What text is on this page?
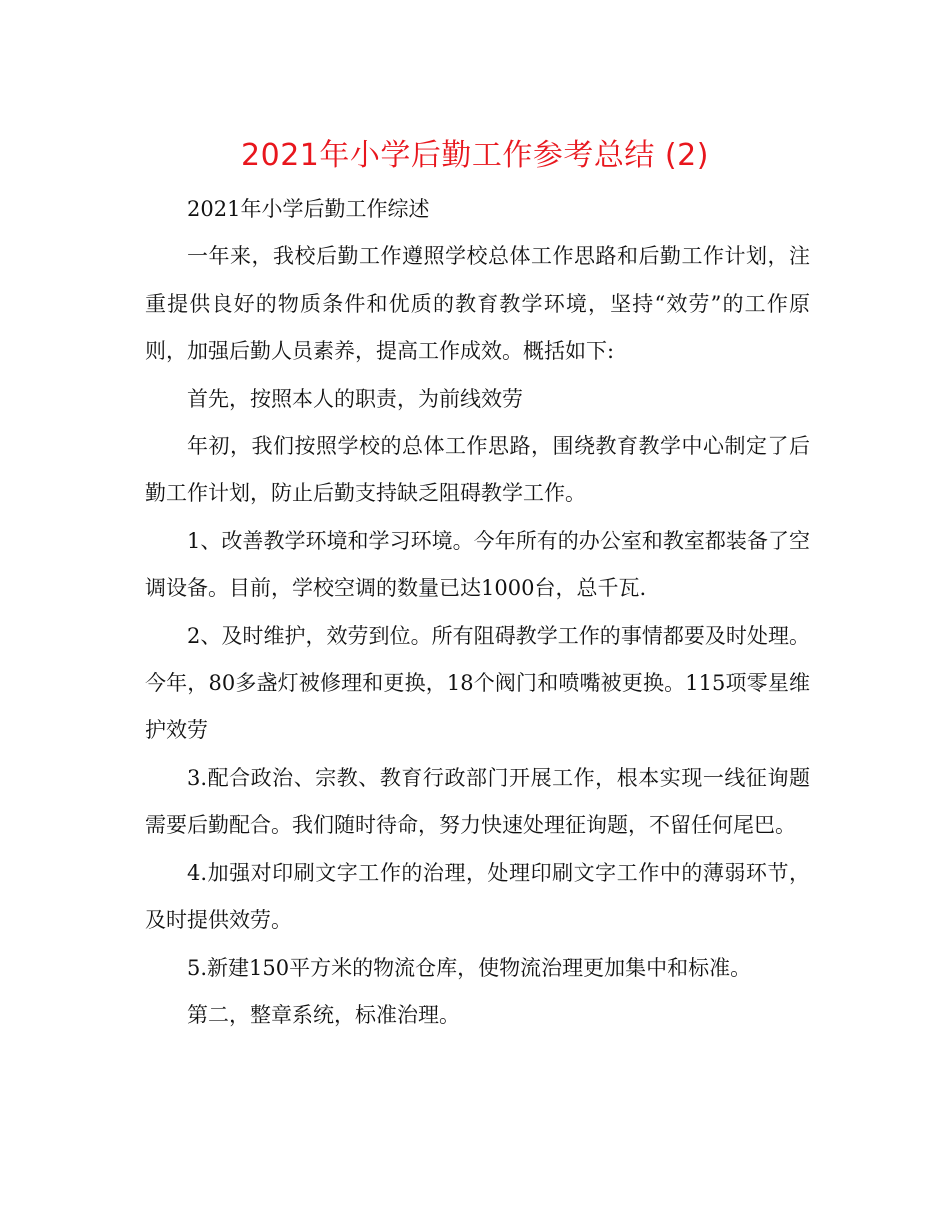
2021年小学后勤工作参考总结 (2)

2021年小学后勤工作综述

一年来，我校后勤工作遵照学校总体工作思路和后勤工作计划，注重提供良好的物质条件和优质的教育教学环境，坚持“效劳”的工作原则，加强后勤人员素养，提高工作成效。概括如下:

首先，按照本人的职责，为前线效劳

年初，我们按照学校的总体工作思路，围绕教育教学中心制定了后勤工作计划，防止后勤支持缺乏阻碍教学工作。

1、改善教学环境和学习环境。今年所有的办公室和教室都装备了空调设备。目前，学校空调的数量已达1000台，总千瓦.

2、及时维护，效劳到位。所有阻碍教学工作的事情都要及时处理。今年，80多盏灯被修理和更换，18个阀门和喷嘴被更换。115项零星维护效劳

3.配合政治、宗教、教育行政部门开展工作，根本实现一线征询题需要后勤配合。我们随时待命，努力快速处理征询题，不留任何尾巴。

4.加强对印刷文字工作的治理，处理印刷文字工作中的薄弱环节，及时提供效劳。

5.新建150平方米的物流仓库，使物流治理更加集中和标准。

第二，整章系统，标准治理。
